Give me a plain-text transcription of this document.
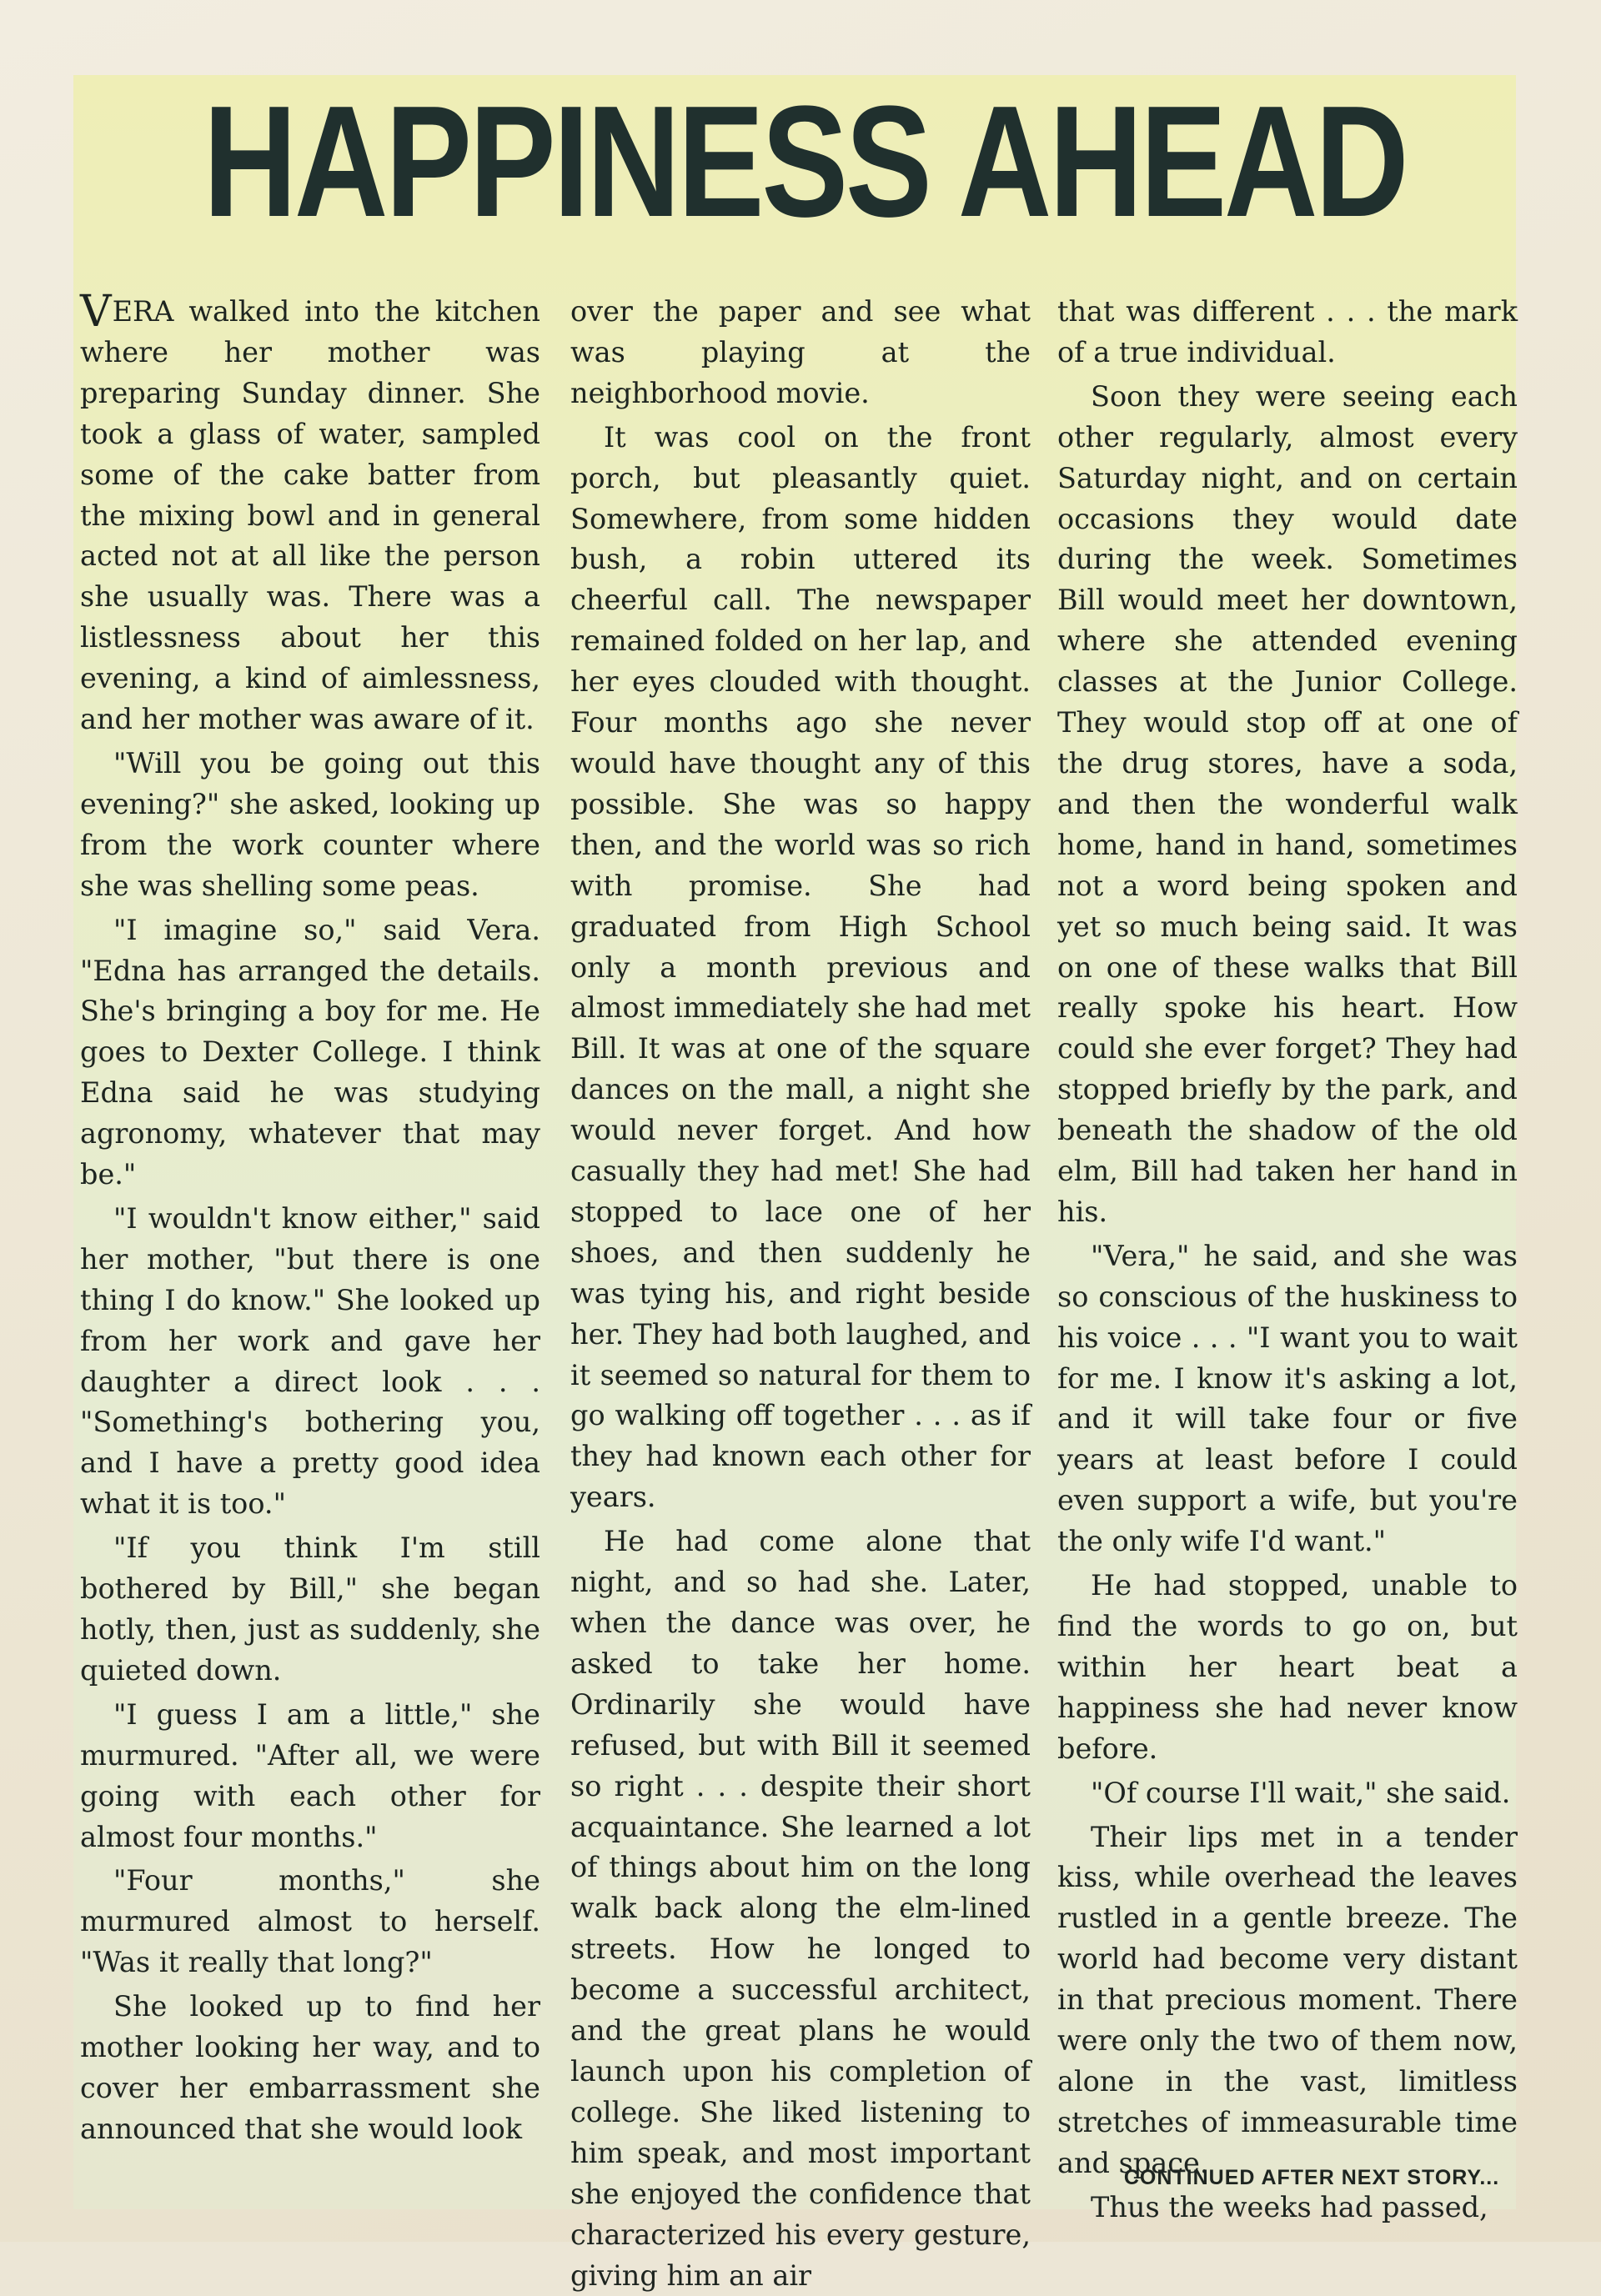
HAPPINESS AHEAD

VERA walked into the kitchen where her mother was preparing Sunday dinner. She took a glass of water, sampled some of the cake batter from the mixing bowl and in general acted not at all like the person she usually was. There was a listlessness about her this evening, a kind of aimlessness, and her mother was aware of it.

"Will you be going out this evening?" she asked, looking up from the work counter where she was shelling some peas.

"I imagine so," said Vera. "Edna has arranged the details. She's bringing a boy for me. He goes to Dexter College. I think Edna said he was studying agronomy, whatever that may be."

"I wouldn't know either," said her mother, "but there is one thing I do know." She looked up from her work and gave her daughter a direct look . . . "Something's bothering you, and I have a pretty good idea what it is too."

"If you think I'm still bothered by Bill," she began hotly, then, just as suddenly, she quieted down.

"I guess I am a little," she murmured. "After all, we were going with each other for almost four months."

"Four months," she murmured almost to herself. "Was it really that long?"

She looked up to find her mother looking her way, and to cover her embarrassment she announced that she would look

over the paper and see what was playing at the neighborhood movie.

It was cool on the front porch, but pleasantly quiet. Somewhere, from some hidden bush, a robin uttered its cheerful call. The newspaper remained folded on her lap, and her eyes clouded with thought. Four months ago she never would have thought any of this possible. She was so happy then, and the world was so rich with promise. She had graduated from High School only a month previous and almost immediately she had met Bill. It was at one of the square dances on the mall, a night she would never forget. And how casually they had met! She had stopped to lace one of her shoes, and then suddenly he was tying his, and right beside her. They had both laughed, and it seemed so natural for them to go walking off together . . . as if they had known each other for years.

He had come alone that night, and so had she. Later, when the dance was over, he asked to take her home. Ordinarily she would have refused, but with Bill it seemed so right . . . despite their short acquaintance. She learned a lot of things about him on the long walk back along the elm-lined streets. How he longed to become a successful architect, and the great plans he would launch upon his completion of college. She liked listening to him speak, and most important she enjoyed the confidence that characterized his every gesture, giving him an air

that was different . . . the mark of a true individual.

Soon they were seeing each other regularly, almost every Saturday night, and on certain occasions they would date during the week. Sometimes Bill would meet her downtown, where she attended evening classes at the Junior College. They would stop off at one of the drug stores, have a soda, and then the wonderful walk home, hand in hand, sometimes not a word being spoken and yet so much being said. It was on one of these walks that Bill really spoke his heart. How could she ever forget? They had stopped briefly by the park, and beneath the shadow of the old elm, Bill had taken her hand in his.

"Vera," he said, and she was so conscious of the huskiness to his voice . . . "I want you to wait for me. I know it's asking a lot, and it will take four or five years at least before I could even support a wife, but you're the only wife I'd want."

He had stopped, unable to find the words to go on, but within her heart beat a happiness she had never know before.

"Of course I'll wait," she said.

Their lips met in a tender kiss, while overhead the leaves rustled in a gentle breeze. The world had become very distant in that precious moment. There were only the two of them now, alone in the vast, limitless stretches of immeasurable time and space.

Thus the weeks had passed,

CONTINUED AFTER NEXT STORY...
